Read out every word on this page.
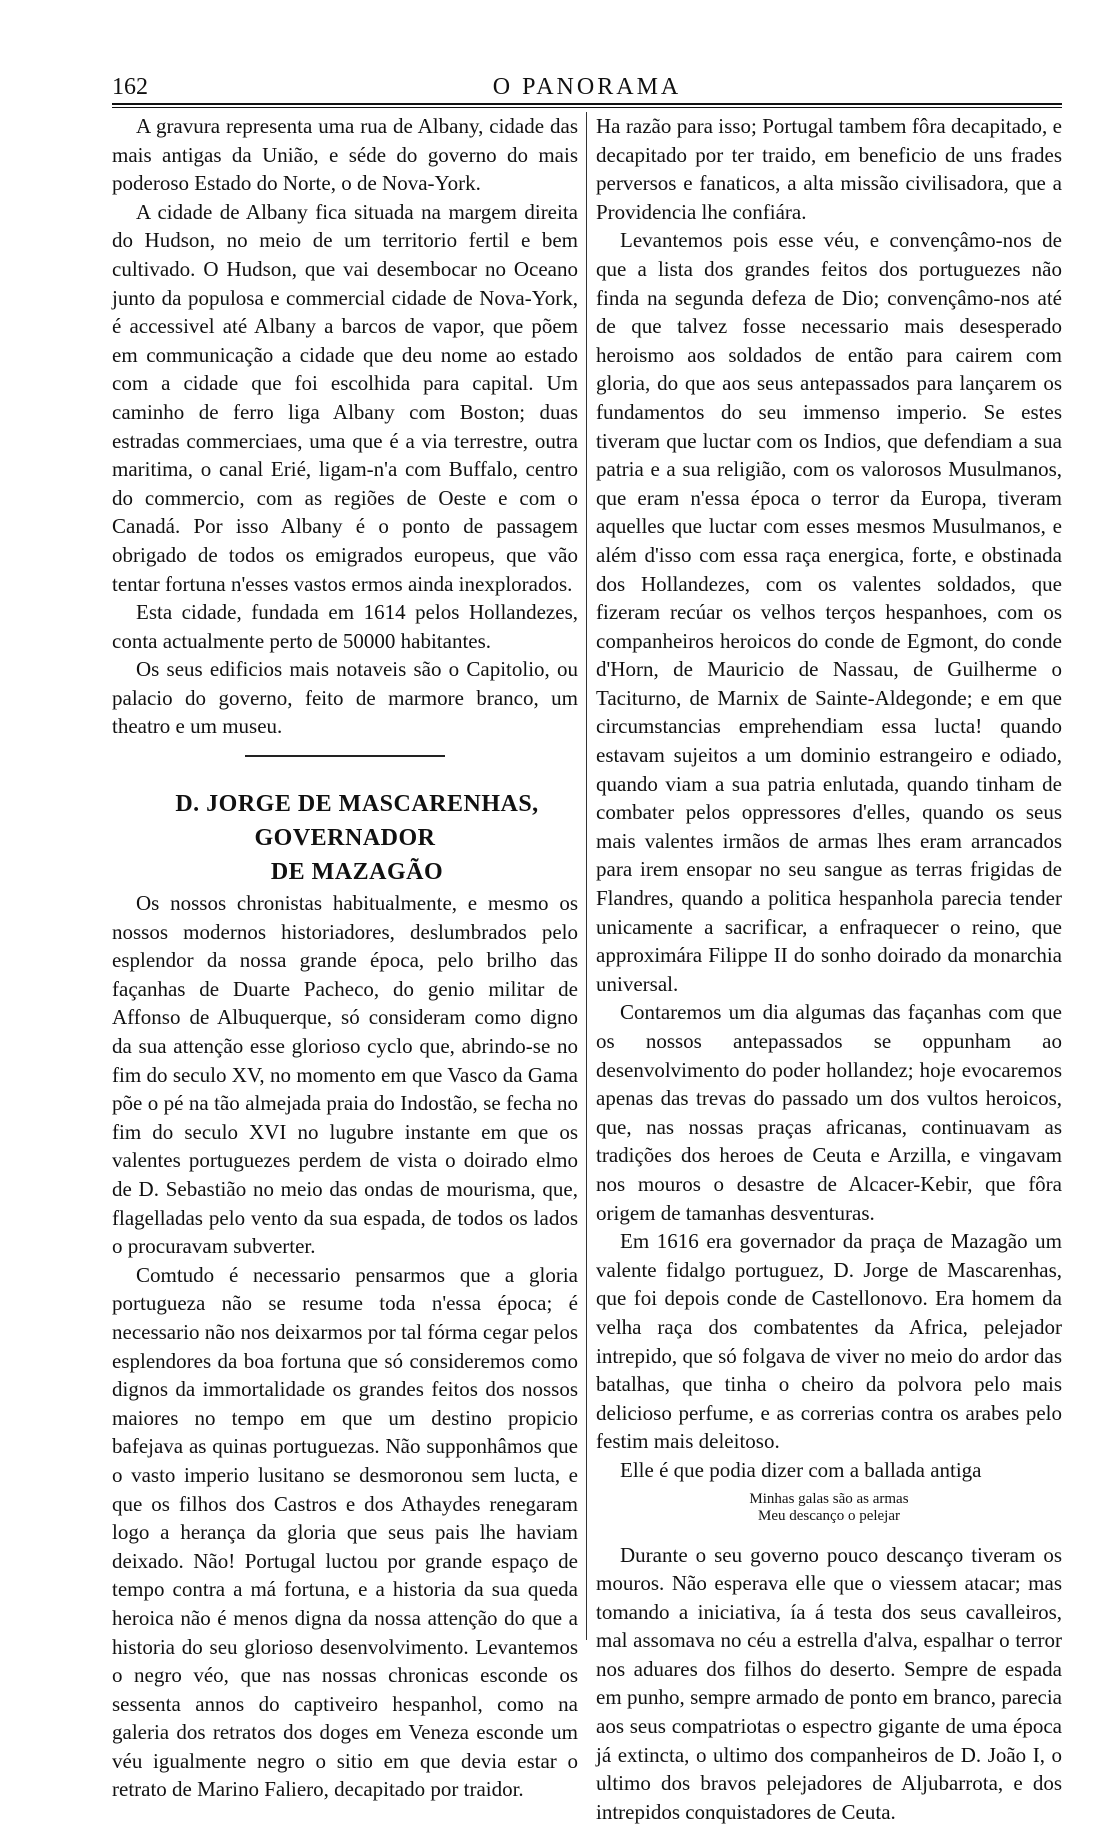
162	O PANORAMA

A gravura representa uma rua de Albany, cidade das mais antigas da União, e séde do governo do mais poderoso Estado do Norte, o de Nova-York.

A cidade de Albany fica situada na margem direita do Hudson, no meio de um territorio fertil e bem cultivado. O Hudson, que vai desembocar no Oceano junto da populosa e commercial cidade de Nova-York, é accessivel até Albany a barcos de vapor, que põem em communicação a cidade que deu nome ao estado com a cidade que foi escolhida para capital. Um caminho de ferro liga Albany com Boston; duas estradas commerciaes, uma que é a via terrestre, outra maritima, o canal Erié, ligam-n'a com Buffalo, centro do commercio, com as regiões de Oeste e com o Canadá. Por isso Albany é o ponto de passagem obrigado de todos os emigrados europeus, que vão tentar fortuna n'esses vastos ermos ainda inexplorados.

Esta cidade, fundada em 1614 pelos Hollandezes, conta actualmente perto de 50000 habitantes.

Os seus edificios mais notaveis são o Capitolio, ou palacio do governo, feito de marmore branco, um theatro e um museu.

D. JORGE DE MASCARENHAS, GOVERNADOR

DE MAZAGÃO

Os nossos chronistas habitualmente, e mesmo os nossos modernos historiadores, deslumbrados pelo esplendor da nossa grande época, pelo brilho das façanhas de Duarte Pacheco, do genio militar de Affonso de Albuquerque, só consideram como digno da sua attenção esse glorioso cyclo que, abrindo-se no fim do seculo XV, no momento em que Vasco da Gama põe o pé na tão almejada praia do Indostão, se fecha no fim do seculo XVI no lugubre instante em que os valentes portuguezes perdem de vista o doirado elmo de D. Sebastião no meio das ondas de mourisma, que, flagelladas pelo vento da sua espada, de todos os lados o procuravam subverter.

Comtudo é necessario pensarmos que a gloria portugueza não se resume toda n'essa época; é necessario não nos deixarmos por tal fórma cegar pelos esplendores da boa fortuna que só consideremos como dignos da immortalidade os grandes feitos dos nossos maiores no tempo em que um destino propicio bafejava as quinas portuguezas. Não supponhâmos que o vasto imperio lusitano se desmoronou sem lucta, e que os filhos dos Castros e dos Athaydes renegaram logo a herança da gloria que seus pais lhe haviam deixado. Não! Portugal luctou por grande espaço de tempo contra a má fortuna, e a historia da sua queda heroica não é menos digna da nossa attenção do que a historia do seu glorioso desenvolvimento. Levantemos o negro véo, que nas nossas chronicas esconde os sessenta annos do captiveiro hespanhol, como na galeria dos retratos dos doges em Veneza esconde um véu igualmente negro o sitio em que devia estar o retrato de Marino Faliero, decapitado por traidor.

Ha razão para isso; Portugal tambem fôra decapitado, e decapitado por ter traido, em beneficio de uns frades perversos e fanaticos, a alta missão civilisadora, que a Providencia lhe confiára.

Levantemos pois esse véu, e convençâmo-nos de que a lista dos grandes feitos dos portuguezes não finda na segunda defeza de Dio; convençâmo-nos até de que talvez fosse necessario mais desesperado heroismo aos soldados de então para cairem com gloria, do que aos seus antepassados para lançarem os fundamentos do seu immenso imperio. Se estes tiveram que luctar com os Indios, que defendiam a sua patria e a sua religião, com os valorosos Musulmanos, que eram n'essa época o terror da Europa, tiveram aquelles que luctar com esses mesmos Musulmanos, e além d'isso com essa raça energica, forte, e obstinada dos Hollandezes, com os valentes soldados, que fizeram recúar os velhos terços hespanhoes, com os companheiros heroicos do conde de Egmont, do conde d'Horn, de Mauricio de Nassau, de Guilherme o Taciturno, de Marnix de Sainte-Aldegonde; e em que circumstancias emprehendiam essa lucta! quando estavam sujeitos a um dominio estrangeiro e odiado, quando viam a sua patria enlutada, quando tinham de combater pelos oppressores d'elles, quando os seus mais valentes irmãos de armas lhes eram arrancados para irem ensopar no seu sangue as terras frigidas de Flandres, quando a politica hespanhola parecia tender unicamente a sacrificar, a enfraquecer o reino, que approximára Filippe II do sonho doirado da monarchia universal.

Contaremos um dia algumas das façanhas com que os nossos antepassados se oppunham ao desenvolvimento do poder hollandez; hoje evocaremos apenas das trevas do passado um dos vultos heroicos, que, nas nossas praças africanas, continuavam as tradições dos heroes de Ceuta e Arzilla, e vingavam nos mouros o desastre de Alcacer-Kebir, que fôra origem de tamanhas desventuras.

Em 1616 era governador da praça de Mazagão um valente fidalgo portuguez, D. Jorge de Mascarenhas, que foi depois conde de Castellonovo. Era homem da velha raça dos combatentes da Africa, pelejador intrepido, que só folgava de viver no meio do ardor das batalhas, que tinha o cheiro da polvora pelo mais delicioso perfume, e as correrias contra os arabes pelo festim mais deleitoso.

Elle é que podia dizer com a ballada antiga

Minhas galas são as armas
Meu descanço o pelejar

Durante o seu governo pouco descanço tiveram os mouros. Não esperava elle que o viessem atacar; mas tomando a iniciativa, ía á testa dos seus cavalleiros, mal assomava no céu a estrella d'alva, espalhar o terror nos aduares dos filhos do deserto. Sempre de espada em punho, sempre armado de ponto em branco, parecia aos seus compatriotas o espectro gigante de uma época já extincta, o ultimo dos companheiros de D. João I, o ultimo dos bravos pelejadores de Aljubarrota, e dos intrepidos conquistadores de Ceuta.
